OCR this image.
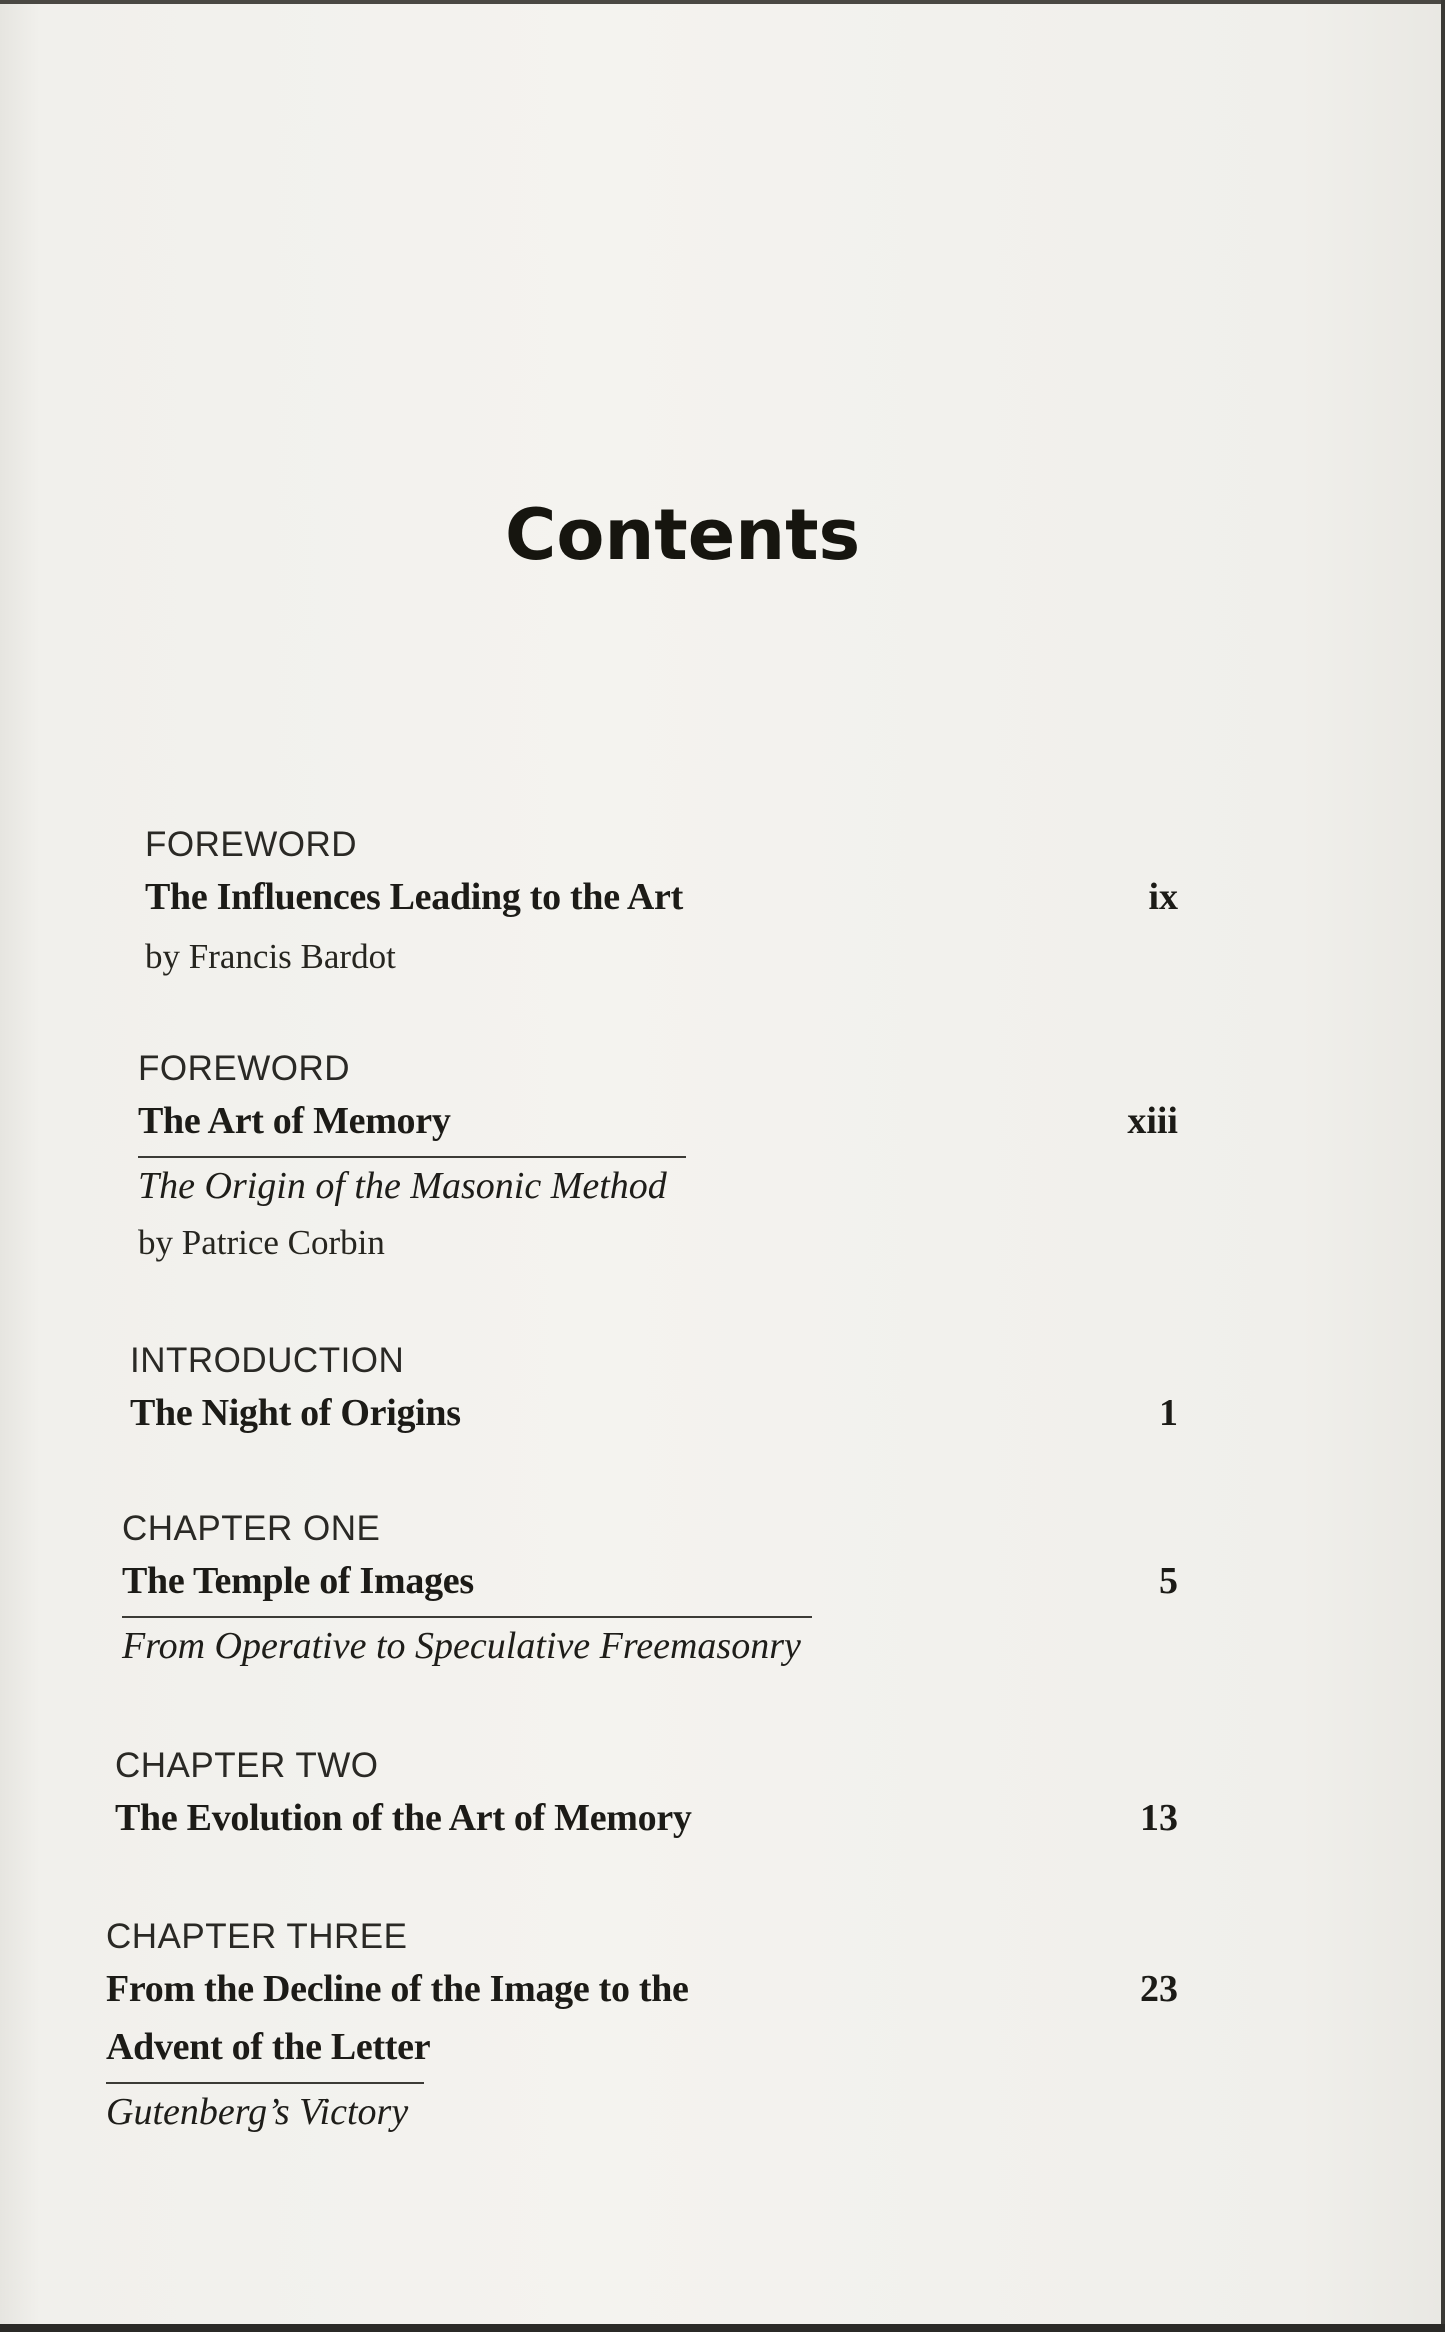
Contents
FOREWORD
The Influences Leading to the Art	ix
by Francis Bardot
FOREWORD
The Art of Memory	xiii
The Origin of the Masonic Method
by Patrice Corbin
INTRODUCTION
The Night of Origins	1
CHAPTER ONE
The Temple of Images	5
From Operative to Speculative Freemasonry
CHAPTER TWO
The Evolution of the Art of Memory	13
CHAPTER THREE
From the Decline of the Image to the	23
Advent of the Letter
Gutenberg’s Victory
